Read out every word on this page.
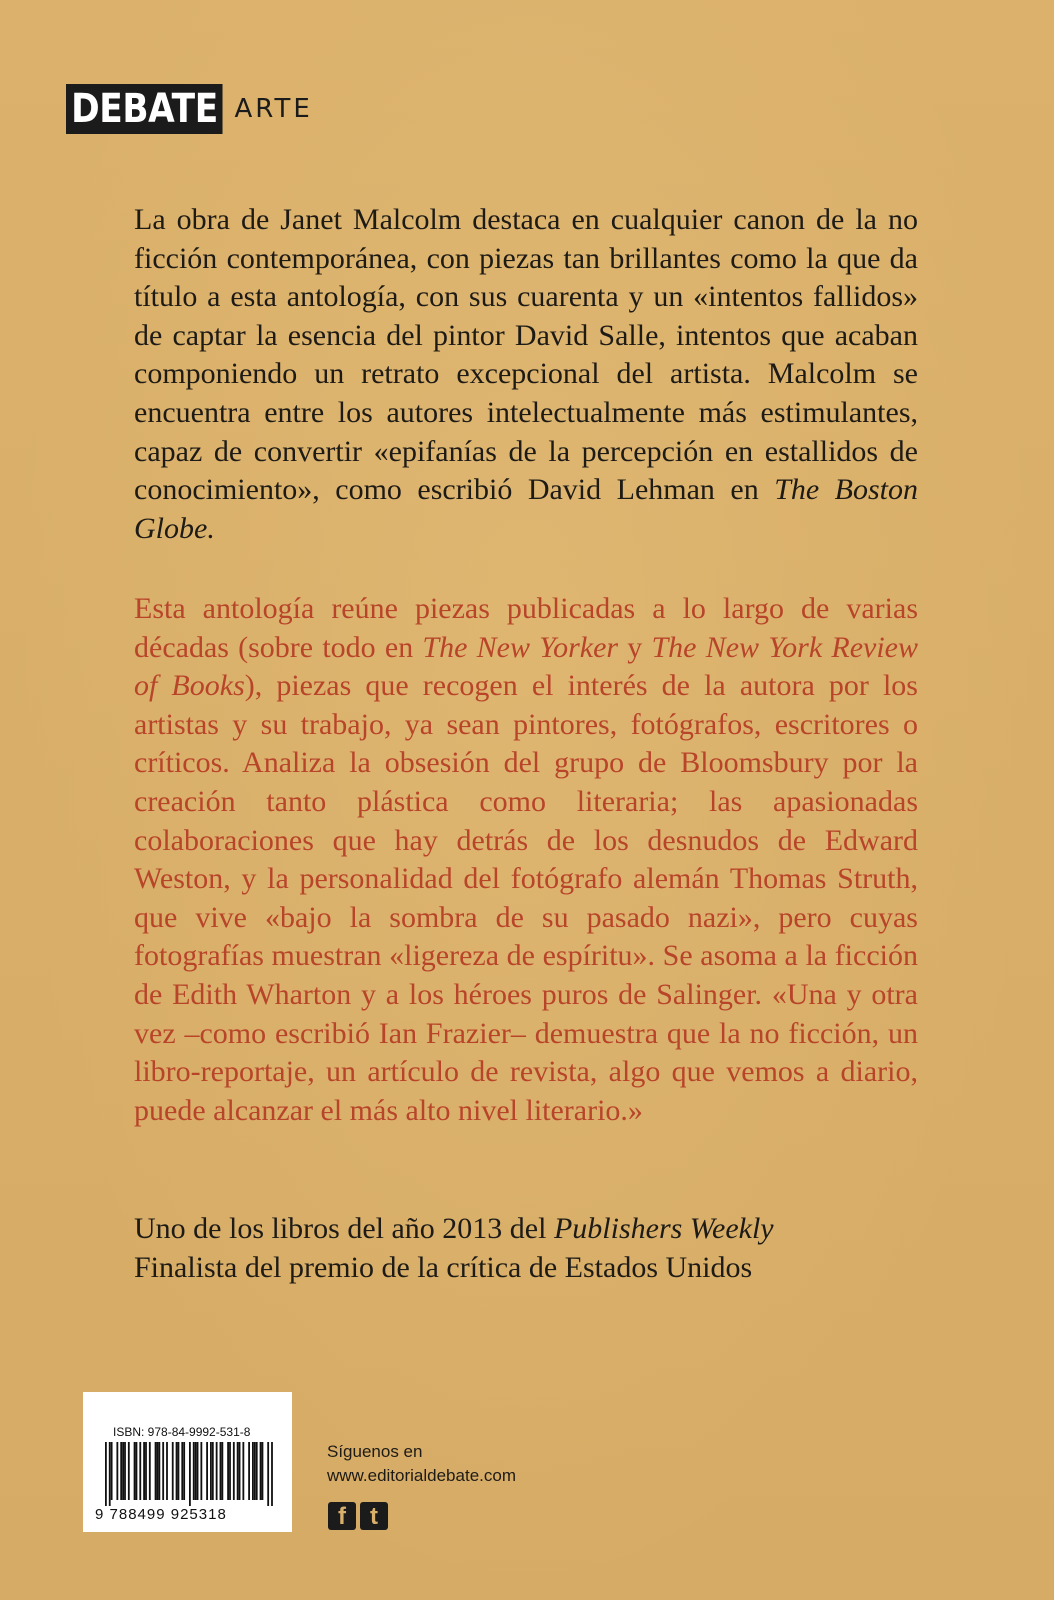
DEBATE ARTE

La obra de Janet Malcolm destaca en cualquier canon de la no ficción contemporánea, con piezas tan brillantes como la que da título a esta antología, con sus cuarenta y un «intentos fallidos» de captar la esencia del pintor David Salle, intentos que acaban componiendo un retrato excepcional del artista. Malcolm se encuentra entre los autores intelectualmente más estimulantes, capaz de convertir «epifanías de la percepción en estallidos de conocimiento», como escribió David Lehman en The Boston Globe.

Esta antología reúne piezas publicadas a lo largo de varias décadas (sobre todo en The New Yorker y The New York Review of Books), piezas que recogen el interés de la autora por los artistas y su trabajo, ya sean pintores, fotógrafos, escritores o críticos. Analiza la obsesión del grupo de Bloomsbury por la creación tanto plástica como literaria; las apasionadas colaboraciones que hay detrás de los desnudos de Edward Weston, y la personalidad del fotógrafo alemán Thomas Struth, que vive «bajo la sombra de su pasado nazi», pero cuyas fotografías muestran «ligereza de espíritu». Se asoma a la ficción de Edith Wharton y a los héroes puros de Salinger. «Una y otra vez –como escribió Ian Frazier– demuestra que la no ficción, un libro-reportaje, un artículo de revista, algo que vemos a diario, puede alcanzar el más alto nivel literario.»

Uno de los libros del año 2013 del Publishers Weekly
Finalista del premio de la crítica de Estados Unidos
ISBN: 978-84-9992-531-8
9 788499 925318
Síguenos en
www.editorialdebate.com
f	t
